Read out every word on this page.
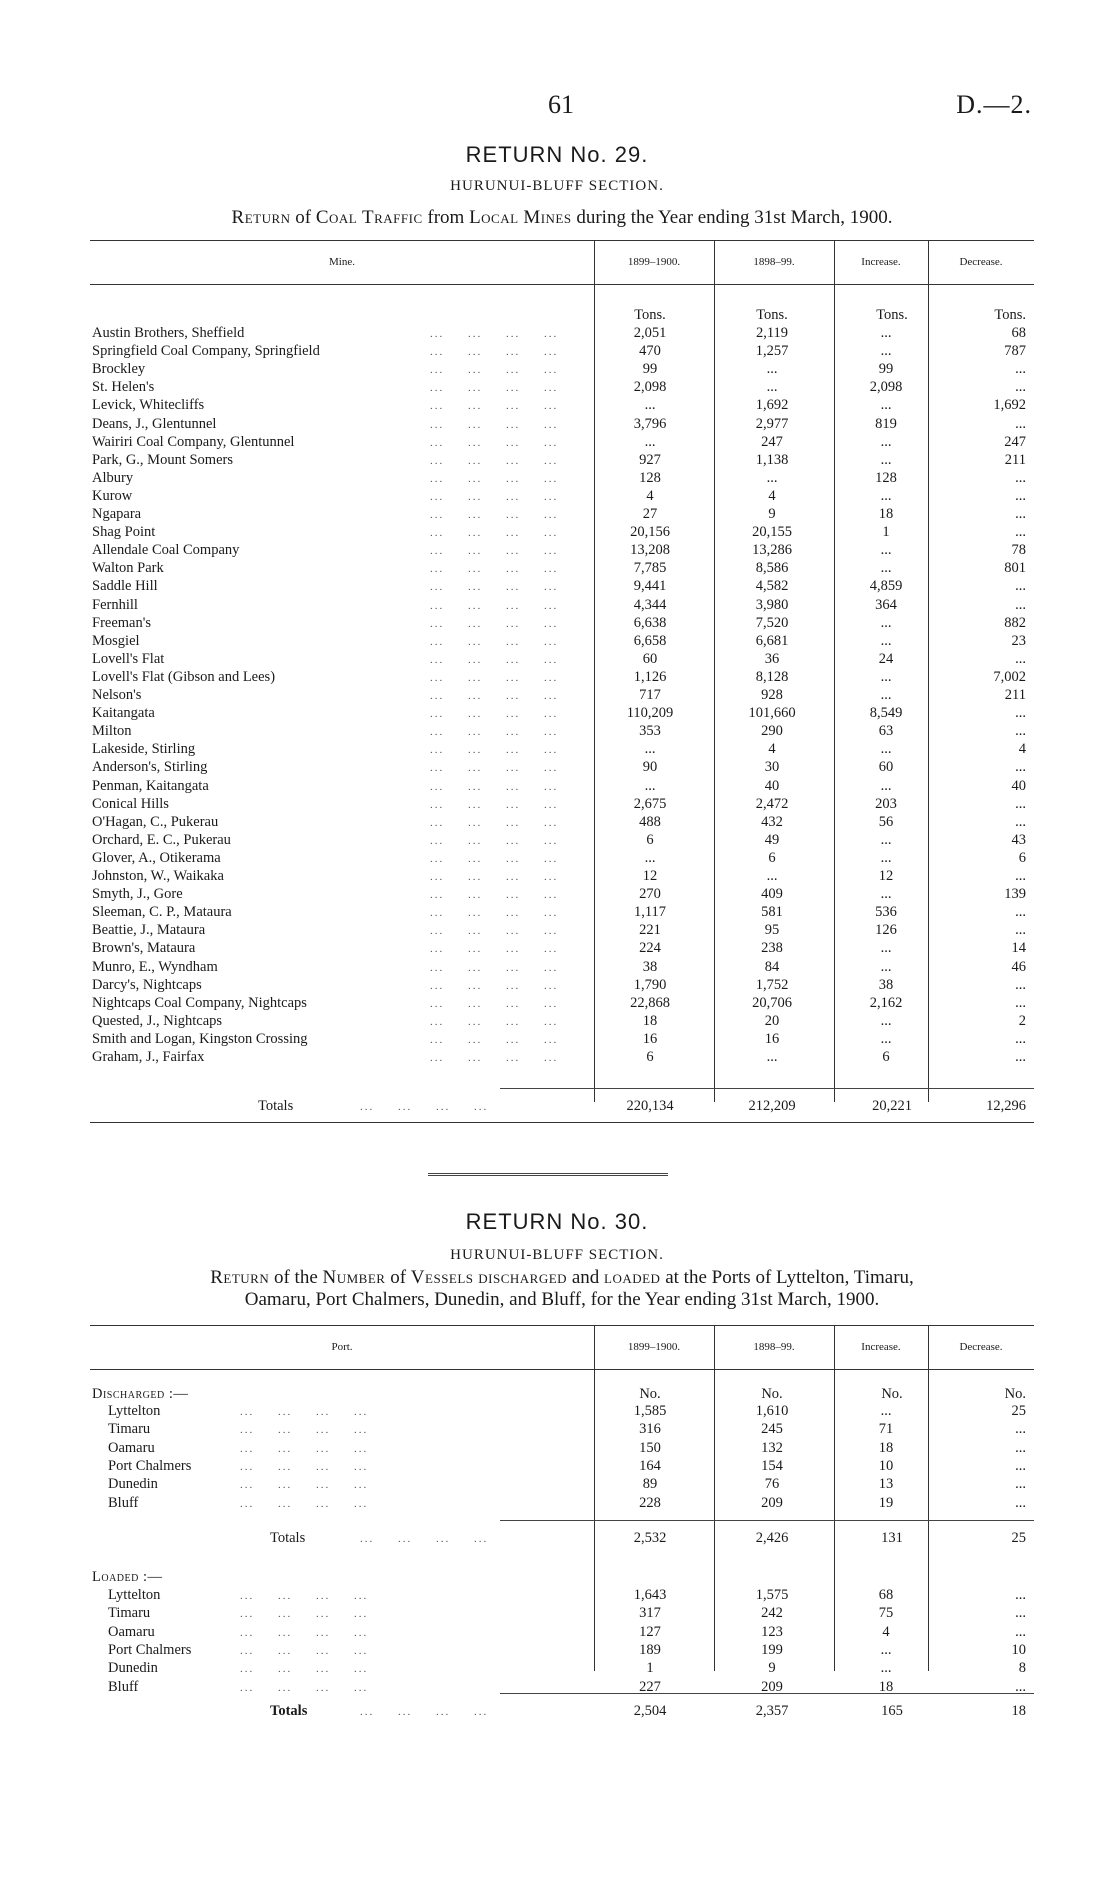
61	D.—2.
RETURN No. 29.
HURUNUI-BLUFF SECTION.
Return of Coal Traffic from Local Mines during the Year ending 31st March, 1900.
Mine.	1899–1900.	1898–99.	Increase.	Decrease.
Tons.	Tons.	Tons.	Tons.
Austin Brothers, Sheffield	2,051	2,119	...	68
...     ...     ...     ...
Springfield Coal Company, Springfield	470	1,257	...	787
...     ...     ...     ...
Brockley	99	...	99	...
...     ...     ...     ...
St. Helen's	2,098	...	2,098	...
...     ...     ...     ...
Levick, Whitecliffs	...	1,692	...	1,692
...     ...     ...     ...
Deans, J., Glentunnel	3,796	2,977	819	...
...     ...     ...     ...
Wairiri Coal Company, Glentunnel	...	247	...	247
...     ...     ...     ...
Park, G., Mount Somers	927	1,138	...	211
...     ...     ...     ...
Albury	128	...	128	...
...     ...     ...     ...
Kurow	4	4	...	...
...     ...     ...     ...
Ngapara	27	9	18	...
...     ...     ...     ...
Shag Point	20,156	20,155	1	...
...     ...     ...     ...
Allendale Coal Company	13,208	13,286	...	78
...     ...     ...     ...
Walton Park	7,785	8,586	...	801
...     ...     ...     ...
Saddle Hill	9,441	4,582	4,859	...
...     ...     ...     ...
Fernhill	4,344	3,980	364	...
...     ...     ...     ...
Freeman's	6,638	7,520	...	882
...     ...     ...     ...
Mosgiel	6,658	6,681	...	23
...     ...     ...     ...
Lovell's Flat	60	36	24	...
...     ...     ...     ...
Lovell's Flat (Gibson and Lees)	1,126	8,128	...	7,002
...     ...     ...     ...
Nelson's	717	928	...	211
...     ...     ...     ...
Kaitangata	110,209	101,660	8,549	...
...     ...     ...     ...
Milton	353	290	63	...
...     ...     ...     ...
Lakeside, Stirling	...	4	...	4
...     ...     ...     ...
Anderson's, Stirling	90	30	60	...
...     ...     ...     ...
Penman, Kaitangata	...	40	...	40
...     ...     ...     ...
Conical Hills	2,675	2,472	203	...
...     ...     ...     ...
O'Hagan, C., Pukerau	488	432	56	...
...     ...     ...     ...
Orchard, E. C., Pukerau	6	49	...	43
...     ...     ...     ...
Glover, A., Otikerama	...	6	...	6
...     ...     ...     ...
Johnston, W., Waikaka	12	...	12	...
...     ...     ...     ...
Smyth, J., Gore	270	409	...	139
...     ...     ...     ...
Sleeman, C. P., Mataura	1,117	581	536	...
...     ...     ...     ...
Beattie, J., Mataura	221	95	126	...
...     ...     ...     ...
Brown's, Mataura	224	238	...	14
...     ...     ...     ...
Munro, E., Wyndham	38	84	...	46
...     ...     ...     ...
Darcy's, Nightcaps	1,790	1,752	38	...
...     ...     ...     ...
Nightcaps Coal Company, Nightcaps	22,868	20,706	2,162	...
...     ...     ...     ...
Quested, J., Nightcaps	18	20	...	2
...     ...     ...     ...
Smith and Logan, Kingston Crossing	16	16	...	...
...     ...     ...     ...
Graham, J., Fairfax	6	...	6	...
...     ...     ...     ...
Totals	...     ...     ...     ...	220,134	212,209	20,221	12,296
RETURN No. 30.
HURUNUI-BLUFF SECTION.
Return of the Number of Vessels discharged and loaded at the Ports of Lyttelton, Timaru,
Oamaru, Port Chalmers, Dunedin, and Bluff, for the Year ending 31st March, 1900.
Port.	1899–1900.	1898–99.	Increase.	Decrease.
Discharged :—	No.	No.	No.	No.
Lyttelton	1,585	1,610	...	25
...     ...     ...     ...
Timaru	316	245	71	...
...     ...     ...     ...
Oamaru	150	132	18	...
...     ...     ...     ...
Port Chalmers	164	154	10	...
...     ...     ...     ...
Dunedin	89	76	13	...
...     ...     ...     ...
Bluff	228	209	19	...
...     ...     ...     ...
Totals	...     ...     ...     ...	2,532	2,426	131	25
Loaded :—
Lyttelton	1,643	1,575	68	...
...     ...     ...     ...
Timaru	317	242	75	...
...     ...     ...     ...
Oamaru	127	123	4	...
...     ...     ...     ...
Port Chalmers	189	199	...	10
...     ...     ...     ...
Dunedin	1	9	...	8
...     ...     ...     ...
Bluff	227	209	18	...
...     ...     ...     ...
Totals	...     ...     ...     ...	2,504	2,357	165	18
